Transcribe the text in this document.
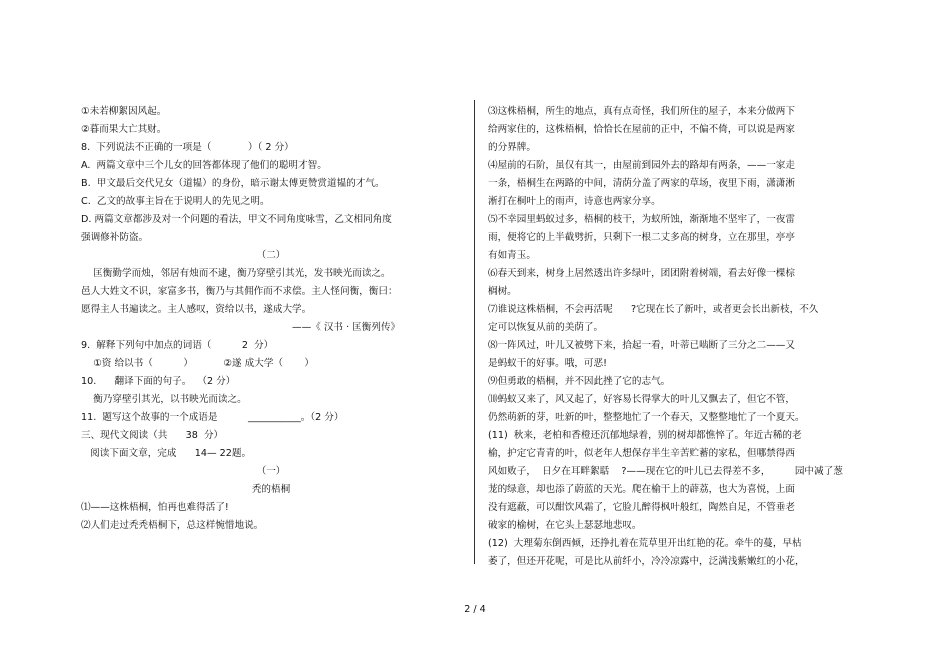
①未若柳絮因风起。
②暮而果大亡其财。
8.  下列说法不正确的一项是（            ）（ 2 分）
A.  两篇文章中三个儿女的回答都体现了他们的聪明才智。
B.  甲文最后交代兄女（道韫）的身份，暗示谢太傅更赞赏道韫的才气。
C.  乙文的故事主旨在于说明人的先见之明。
D. 两篇文章都涉及对一个问题的看法，甲文不同角度咏雪，乙文相同角度
强调修补防盗。
（二）
匡衡勤学而烛，邻居有烛而不逮，衡乃穿壁引其光，发书映光而读之。
邑人大姓文不识，家富多书，衡乃与其佣作而不求偿。主人怪问衡，衡曰：
愿得主人书遍读之。主人感叹，资给以书，遂成大学。
——《 汉书 · 匡衡列传》
9.  解释下列句中加点的词语（          2  分）
①资 给以书（          ）          ②遂 成大学（       ）
10.      翻译下面的句子。  （2 分）
衡乃穿壁引其光，以书映光而读之。
11.  题写这个故事的一个成语是          ___________。（2 分）
三、现代文阅读（共      38  分）
阅读下面文章，完成      14— 22题。
（一）
秃的梧桐
⑴——这株梧桐，怕再也难得活了!
⑵人们走过秃秃梧桐下，总这样惋惜地说。
⑶这株梧桐，所生的地点，真有点奇怪，我们所住的屋子，本来分做两下
给两家住的，这株梧桐，恰恰长在屋前的正中，不偏不倚，可以说是两家
的分界牌。
⑷屋前的石阶，虽仅有其一，由屋前到园外去的路却有两条，——一家走
一条，梧桐生在两路的中间，清荫分盖了两家的草场，夜里下雨，潇潇淅
淅打在桐叶上的雨声，诗意也两家分享。
⑸不幸园里蚂蚁过多，梧桐的枝干，为蚁所蚀，渐渐地不坚牢了，一夜雷
雨，便将它的上半截劈折，只剩下一根二丈多高的树身，立在那里，亭亭
有如青玉。
⑹春天到来，树身上居然透出许多绿叶，团团附着树端，看去好像一棵棕
榈树。
⑺谁说这株梧桐，不会再活呢      ?它现在长了新叶，或者更会长出新枝，不久
定可以恢复从前的美荫了。
⑻一阵风过，叶儿又被劈下来，拾起一看，叶蒂已啮断了三分之二——又
是蚂蚁干的好事。哦，可恶!
⑼但勇敢的梧桐，并不因此挫了它的志气。
⑽蚂蚁又来了，风又起了，好容易长得掌大的叶儿又飘去了，但它不管，
仍然萌新的芽，吐新的叶，整整地忙了一个春天，又整整地忙了一个夏天。
(11)  秋来，老柏和香橙还沉郁地绿着，别的树却都憔悴了。年近古稀的老
榆，护定它青青的叶，似老年人想保存半生辛苦贮蓄的家私，但哪禁得西
风如败子，  日夕在耳畔絮聒    ?——现在它的叶儿已去得差不多，        园中减了葱
茏的绿意，却也添了蔚蓝的天光。爬在榆干上的薜荔，也大为喜悦，上面
没有遮蔽，可以酣饮风霜了，它脸儿醉得枫叶般红，陶然自足，不管垂老
破家的榆树，在它头上瑟瑟地悲叹。
(12)  大理菊东倒西倾，还挣扎着在荒草里开出红艳的花。牵牛的蔓，早枯
萎了，但还开花呢，可是比从前纤小，冷冷凉露中，泛满浅紫嫩红的小花，
2 / 4
